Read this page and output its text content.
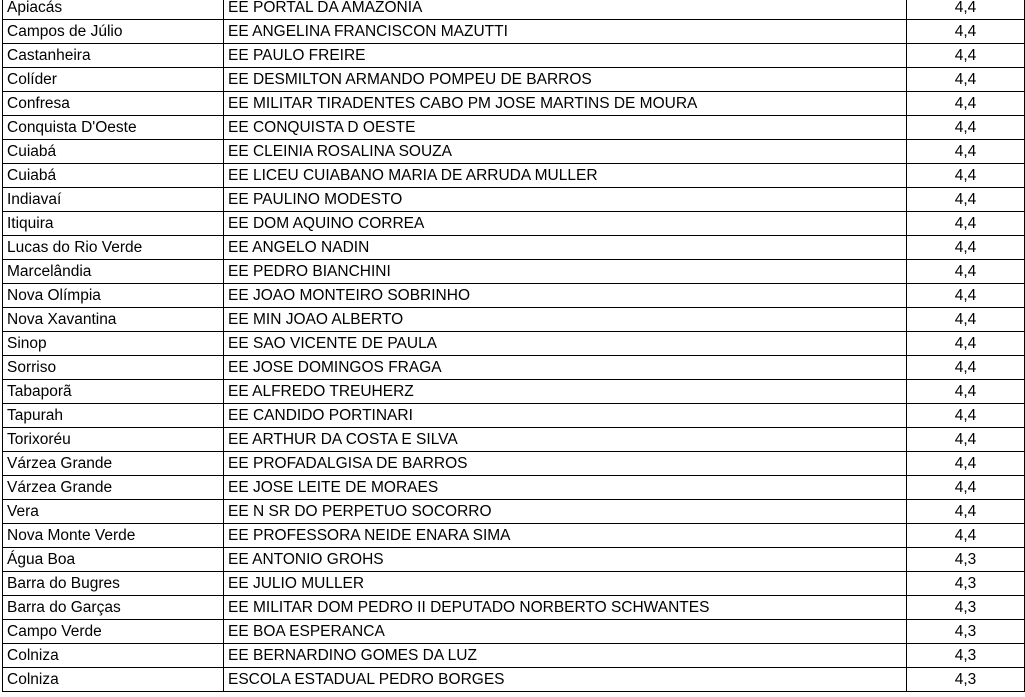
Apiacás	EE PORTAL DA AMAZONIA	4,4
Campos de Júlio	EE ANGELINA FRANCISCON MAZUTTI	4,4
Castanheira	EE PAULO FREIRE	4,4
Colíder	EE DESMILTON ARMANDO POMPEU DE BARROS	4,4
Confresa	EE MILITAR TIRADENTES CABO PM JOSE MARTINS DE MOURA	4,4
Conquista D'Oeste	EE CONQUISTA D OESTE	4,4
Cuiabá	EE CLEINIA ROSALINA SOUZA	4,4
Cuiabá	EE LICEU CUIABANO MARIA DE ARRUDA MULLER	4,4
Indiavaí	EE PAULINO MODESTO	4,4
Itiquira	EE DOM AQUINO CORREA	4,4
Lucas do Rio Verde	EE ANGELO NADIN	4,4
Marcelândia	EE PEDRO BIANCHINI	4,4
Nova Olímpia	EE JOAO MONTEIRO SOBRINHO	4,4
Nova Xavantina	EE MIN JOAO ALBERTO	4,4
Sinop	EE SAO VICENTE DE PAULA	4,4
Sorriso	EE JOSE DOMINGOS FRAGA	4,4
Tabaporã	EE ALFREDO TREUHERZ	4,4
Tapurah	EE CANDIDO PORTINARI	4,4
Torixoréu	EE ARTHUR DA COSTA E SILVA	4,4
Várzea Grande	EE PROFADALGISA DE BARROS	4,4
Várzea Grande	EE JOSE LEITE DE MORAES	4,4
Vera	EE N SR DO PERPETUO SOCORRO	4,4
Nova Monte Verde	EE PROFESSORA NEIDE ENARA SIMA	4,4
Água Boa	EE ANTONIO GROHS	4,3
Barra do Bugres	EE JULIO MULLER	4,3
Barra do Garças	EE MILITAR DOM PEDRO II DEPUTADO NORBERTO SCHWANTES	4,3
Campo Verde	EE BOA ESPERANCA	4,3
Colniza	EE BERNARDINO GOMES DA LUZ	4,3
Colniza	ESCOLA ESTADUAL PEDRO BORGES	4,3
